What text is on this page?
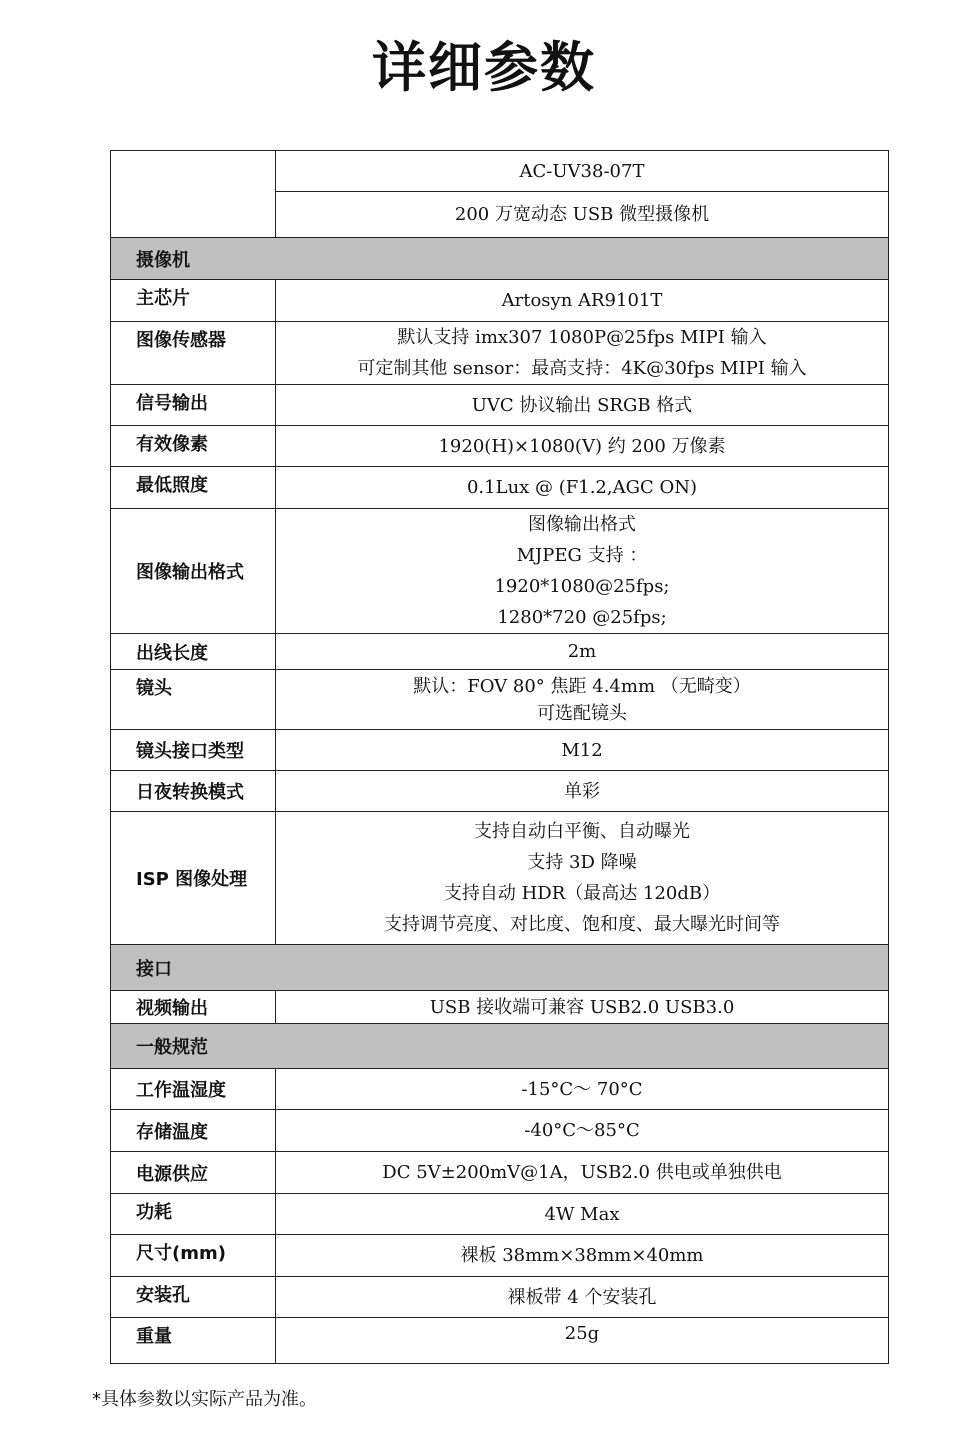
详细参数
	AC-UV38-07T
	200 万宽动态 USB 微型摄像机
摄像机	
主芯片	Artosyn AR9101T

图像传感器	默认支持 imx307 1080P@25fps MIPI 输入
可定制其他 sensor：最高支持：4K@30fps MIPI 输入

信号输出	UVC 协议输出 SRGB 格式

有效像素	1920(H)×1080(V) 约 200 万像素

最低照度	0.1Lux @ (F1.2,AGC ON)

图像输出格式	图像输出格式
MJPEG 支持 ：
1920*1080@25fps;
1280*720 @25fps;

出线长度	2m

镜头	默认：FOV 80° 焦距 4.4mm （无畸变）
可选配镜头

镜头接口类型	M12

日夜转换模式	单彩

ISP 图像处理	支持自动白平衡、自动曝光
支持 3D 降噪
支持自动 HDR（最高达 120dB）
支持调节亮度、对比度、饱和度、最大曝光时间等

接口	
视频输出	USB 接收端可兼容 USB2.0 USB3.0

一般规范	
工作温湿度	-15°C～ 70°C

存储温度	-40°C～85°C

电源供应	DC 5V±200mV@1A，USB2.0 供电或单独供电

功耗	4W Max

尺寸(mm)	裸板 38mm×38mm×40mm

安装孔	裸板带 4 个安装孔

重量	25g
*具体参数以实际产品为准。
